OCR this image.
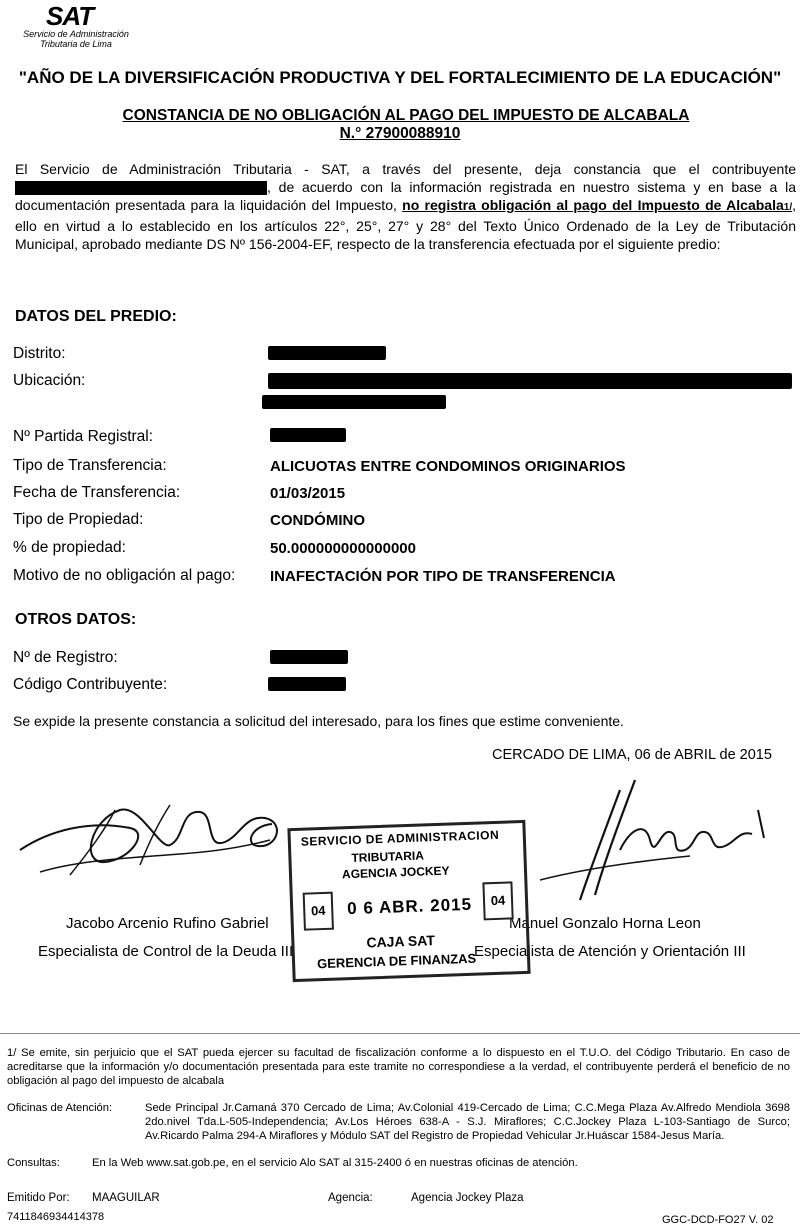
SAT
Servicio de Administración
Tributaria de Lima
"AÑO DE LA DIVERSIFICACIÓN PRODUCTIVA Y DEL FORTALECIMIENTO DE LA EDUCACIÓN"
CONSTANCIA DE NO OBLIGACIÓN AL PAGO DEL IMPUESTO DE ALCABALA
N.° 27900088910
El Servicio de Administración Tributaria - SAT, a través del presente, deja constancia que el contribuyente , de acuerdo con la información registrada en nuestro sistema y en base a la documentación presentada para la liquidación del Impuesto, no registra obligación al pago del Impuesto de Alcabala1/, ello en virtud a lo establecido en los artículos 22°, 25°, 27° y 28° del Texto Único Ordenado de la Ley de Tributación Municipal, aprobado mediante DS Nº 156-2004-EF, respecto de la transferencia efectuada por el siguiente predio:
DATOS DEL PREDIO:
Distrito:
Ubicación:
Nº Partida Registral:
Tipo de Transferencia:	ALICUOTAS ENTRE CONDOMINOS ORIGINARIOS
Fecha de Transferencia:	01/03/2015
Tipo de Propiedad:	CONDÓMINO
% de propiedad:	50.000000000000000
Motivo de no obligación al pago: INAFECTACIÓN POR TIPO DE TRANSFERENCIA
OTROS DATOS:
Nº de Registro:
Código Contribuyente:
Se expide la presente constancia a solicitud del interesado, para los fines que estime conveniente.
CERCADO DE LIMA, 06 de ABRIL de 2015
Jacobo Arcenio Rufino Gabriel
Especialista de Control de la Deuda III
Manuel Gonzalo Horna Leon
Especialista de Atención y Orientación III
SERVICIO DE ADMINISTRACION
TRIBUTARIA
AGENCIA JOCKEY
04	0 6 ABR. 2015	04
CAJA SAT
GERENCIA DE FINANZAS
1/ Se emite, sin perjuicio que el SAT pueda ejercer su facultad de fiscalización conforme a lo dispuesto en el T.U.O. del Código Tributario. En caso de acreditarse que la información y/o documentación presentada para este tramite no correspondiese a la verdad, el contribuyente perderá el beneficio de no obligación al pago del impuesto de alcabala
Oficinas de Atención:	Sede Principal Jr.Camaná 370 Cercado de Lima; Av.Colonial 419-Cercado de Lima; C.C.Mega Plaza Av.Alfredo Mendiola 3698 2do.nivel Tda.L-505-Independencia; Av.Los Héroes 638-A - S.J. Miraflores; C.C.Jockey Plaza L-103-Santiago de Surco; Av.Ricardo Palma 294-A Miraflores y Módulo SAT del Registro de Propiedad Vehicular Jr.Huáscar 1584-Jesus María.
Consultas:	En la Web www.sat.gob.pe, en el servicio Alo SAT al 315-2400 ó en nuestras oficinas de atención.
Emitido Por: MAAGUILAR	Agencia:	Agencia Jockey Plaza
7411846934414378	GGC-DCD-FO27 V. 02
